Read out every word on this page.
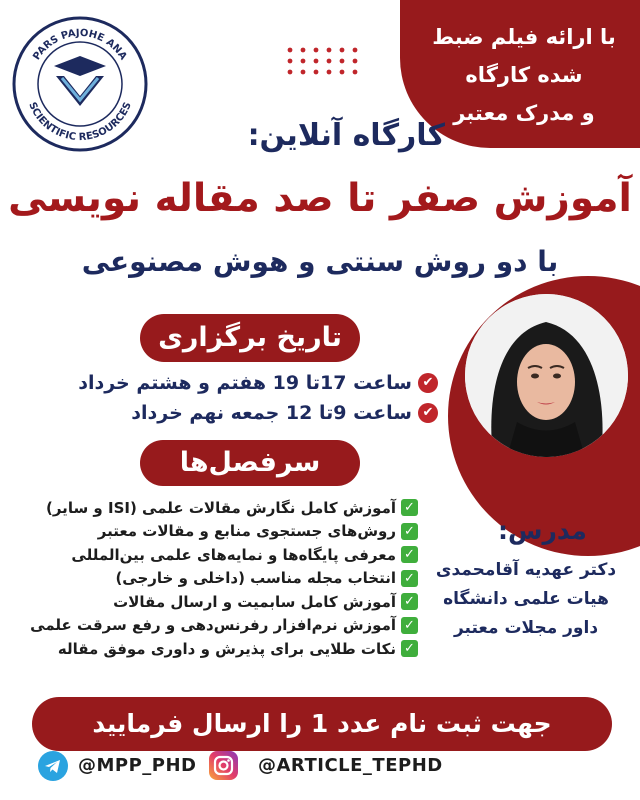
با ارائه فیلم ضبط
شده کارگاه
و مدرک معتبر
PARS PAJOHE ANA
SCIENTIFIC RESOURCES
کارگاه آنلاین:
آموزش صفر تا صد مقاله نویسی
با دو روش سنتی و هوش مصنوعی
تاریخ برگزاری
✔
ساعت 17تا 19 هفتم و هشتم خرداد
✔
ساعت 9تا 12 جمعه نهم خرداد
سرفصل‌ها
✓
آموزش کامل نگارش مقالات علمی (ISI و سایر)
✓
روش‌های جستجوی منابع و مقالات معتبر
✓
معرفی پایگاه‌ها و نمایه‌های علمی بین‌المللی
✓
انتخاب مجله مناسب (داخلی و خارجی)
✓
آموزش کامل سابمیت و ارسال مقالات
✓
آموزش نرم‌افزار رفرنس‌دهی و رفع سرقت علمی
✓
نکات طلایی برای پذیرش و داوری موفق مقاله
مدرس:
دکتر عهدیه آقامحمدی
هیات علمی دانشگاه
داور مجلات معتبر
جهت ثبت نام عدد 1 را ارسال فرمایید
@MPP_PHD	@ARTICLE_TEPHD
